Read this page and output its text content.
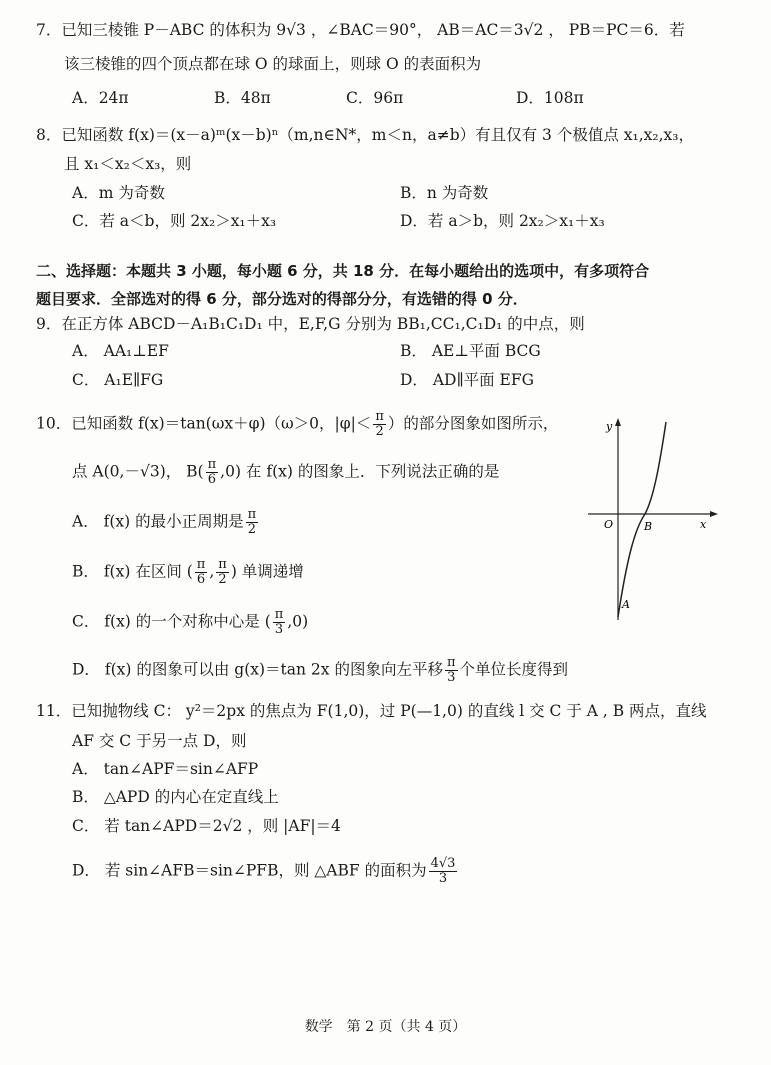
7．已知三棱锥 P－ABC 的体积为 9√3 ，∠BAC＝90°， AB＝AC＝3√2 ， PB＝PC＝6．若
该三棱锥的四个顶点都在球 O 的球面上，则球 O 的表面积为
A．24π	B．48π	C．96π	D．108π
8．已知函数 f(x)＝(x－a)ᵐ(x－b)ⁿ（m,n∈N*，m＜n，a≠b）有且仅有 3 个极值点 x₁,x₂,x₃，
且 x₁＜x₂＜x₃，则
A．m 为奇数	B．n 为奇数
C．若 a＜b，则 2x₂＞x₁＋x₃	D．若 a＞b，则 2x₂＞x₁＋x₃
二、选择题：本题共 3 小题，每小题 6 分，共 18 分．在每小题给出的选项中，有多项符合
题目要求．全部选对的得 6 分，部分选对的得部分分，有选错的得 0 分．
9．在正方体 ABCD－A₁B₁C₁D₁ 中，E,F,G 分别为 BB₁,CC₁,C₁D₁ 的中点，则
A． AA₁⊥EF	B． AE⊥平面 BCG
C． A₁E∥FG	D． AD∥平面 EFG
10．已知函数 f(x)＝tan(ωx＋φ)（ω＞0，$|\varphi|< \frac{\pi}{2}$ ）的部分图象如图所示，
点 A(0,－√3)， $B( \frac{\pi}{6} ,0)$ 在 f(x) 的图象上．下列说法正确的是
A． f(x) 的最小正周期是 $\frac{\pi}{2}$
B． f(x) 在区间 ( $\frac{\pi}{6}$ , $\frac{\pi}{2}$ ) 单调递增
C． f(x) 的一个对称中心是 ( $\frac{\pi}{3} ,0$)
D． f(x) 的图象可以由 g(x)＝tan 2x 的图象向左平移 $\frac{\pi}{3}$ 个单位长度得到
y
x
O	B
A
11．已知抛物线 C： y²＝2px 的焦点为 F(1,0)，过 P(—1,0) 的直线 l 交 C 于 A , B 两点，直线
AF 交 C 于另一点 D，则
A． tan∠APF＝sin∠AFP
B． △APD 的内心在定直线上
C． 若 tan∠APD＝2√2 ，则 |AF|＝4
D． 若 sin∠AFB＝sin∠PFB，则 △ABF 的面积为 $\frac{4√3}{3}$
数学　第 2 页（共 4 页）
